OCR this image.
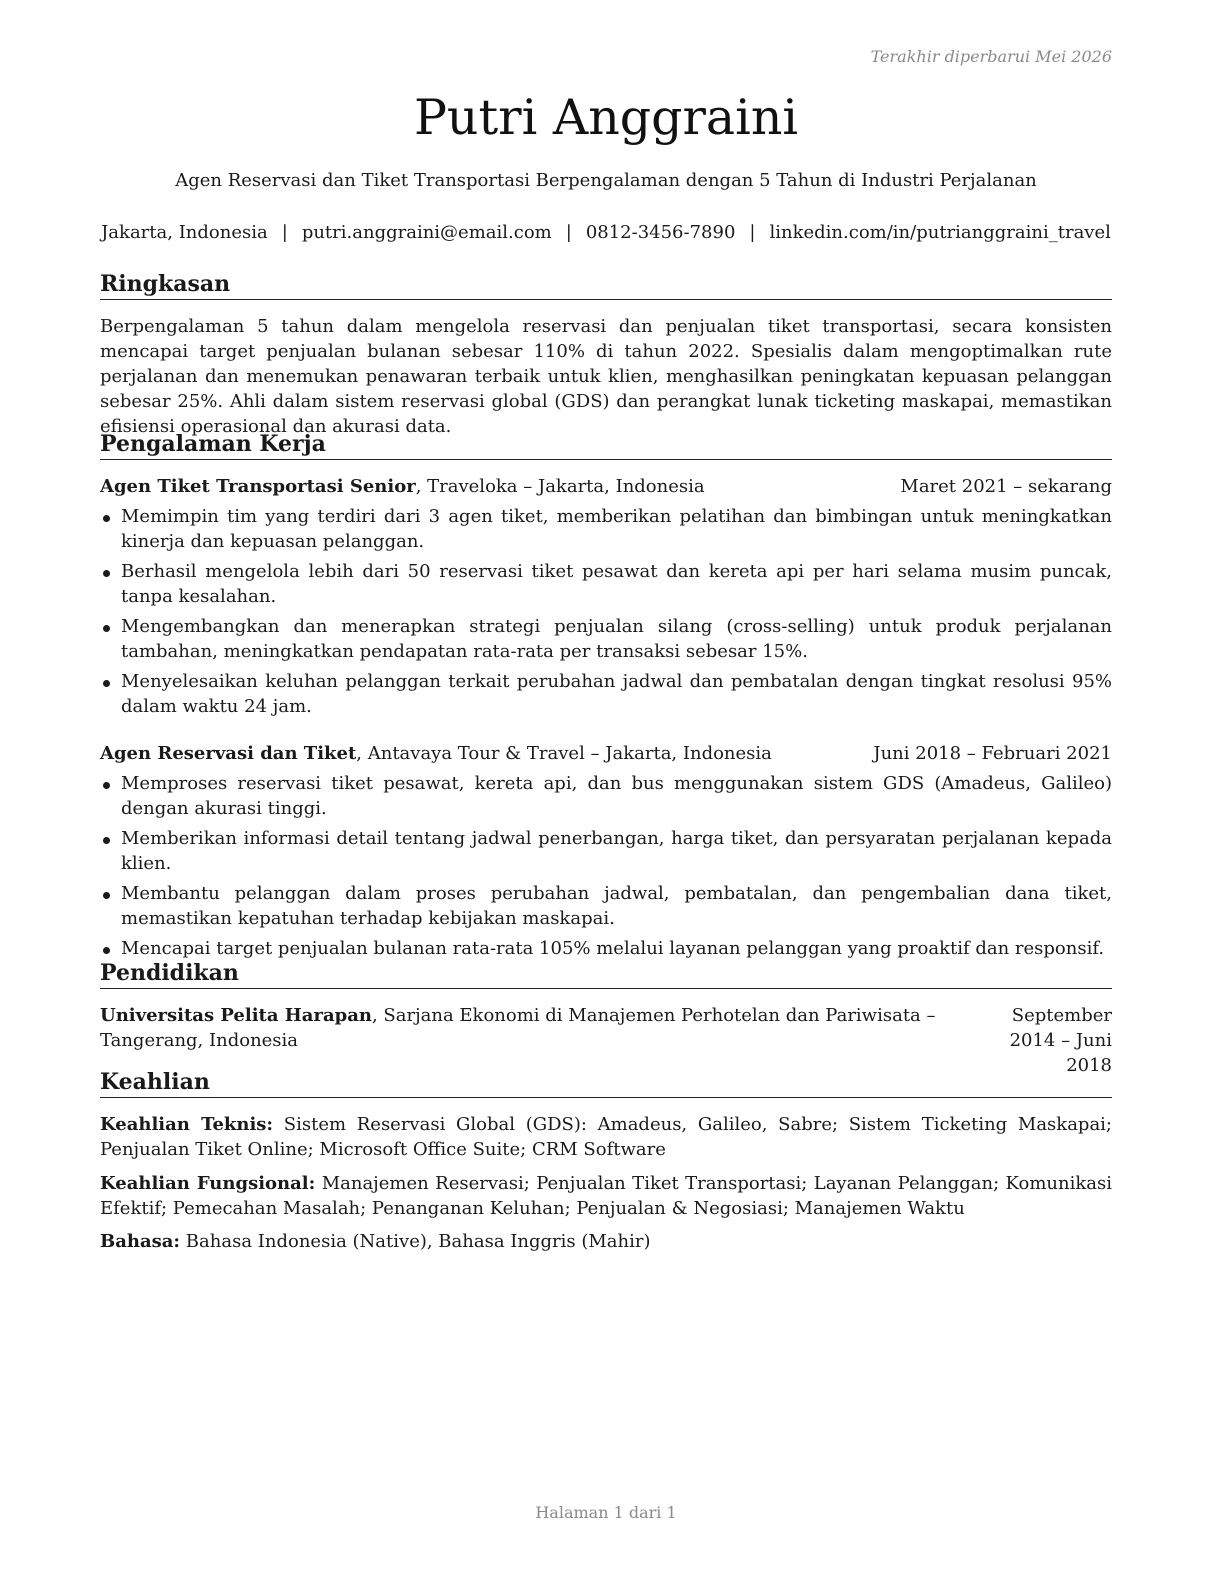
Terakhir diperbarui Mei 2026
Putri Anggraini
Agen Reservasi dan Tiket Transportasi Berpengalaman dengan 5 Tahun di Industri Perjalanan
Jakarta, Indonesia | putri.anggraini@email.com | 0812-3456-7890 | linkedin.com/in/putrianggraini_travel
Ringkasan

Berpengalaman 5 tahun dalam mengelola reservasi dan penjualan tiket transportasi, secara konsisten mencapai target penjualan bulanan sebesar 110% di tahun 2022. Spesialis dalam mengoptimalkan rute perjalanan dan menemukan penawaran terbaik untuk klien, menghasilkan peningkatan kepuasan pelanggan sebesar 25%. Ahli dalam sistem reservasi global (GDS) dan perangkat lunak ticketing maskapai, memastikan efisiensi operasional dan akurasi data.

Pengalaman Kerja
Agen Tiket Transportasi Senior, Traveloka – Jakarta, Indonesia	Maret 2021 – sekarang
Memimpin tim yang terdiri dari 3 agen tiket, memberikan pelatihan dan bimbingan untuk meningkatkan kinerja dan kepuasan pelanggan.
Berhasil mengelola lebih dari 50 reservasi tiket pesawat dan kereta api per hari selama musim puncak, tanpa kesalahan.
Mengembangkan dan menerapkan strategi penjualan silang (cross-selling) untuk produk perjalanan tambahan, meningkatkan pendapatan rata-rata per transaksi sebesar 15%.
Menyelesaikan keluhan pelanggan terkait perubahan jadwal dan pembatalan dengan tingkat resolusi 95% dalam waktu 24 jam.
Agen Reservasi dan Tiket, Antavaya Tour & Travel – Jakarta, Indonesia	Juni 2018 – Februari 2021
Memproses reservasi tiket pesawat, kereta api, dan bus menggunakan sistem GDS (Amadeus, Galileo) dengan akurasi tinggi.
Memberikan informasi detail tentang jadwal penerbangan, harga tiket, dan persyaratan perjalanan kepada klien.
Membantu pelanggan dalam proses perubahan jadwal, pembatalan, dan pengembalian dana tiket, memastikan kepatuhan terhadap kebijakan maskapai.
Mencapai target penjualan bulanan rata-rata 105% melalui layanan pelanggan yang proaktif dan responsif.
Pendidikan
Universitas Pelita Harapan, Sarjana Ekonomi di Manajemen Perhotelan dan Pariwisata – Tangerang, Indonesia
September 2014 – Juni 2018
Keahlian

Keahlian Teknis: Sistem Reservasi Global (GDS): Amadeus, Galileo, Sabre; Sistem Ticketing Maskapai; Penjualan Tiket Online; Microsoft Office Suite; CRM Software

Keahlian Fungsional: Manajemen Reservasi; Penjualan Tiket Transportasi; Layanan Pelanggan; Komunikasi Efektif; Pemecahan Masalah; Penanganan Keluhan; Penjualan & Negosiasi; Manajemen Waktu

Bahasa: Bahasa Indonesia (Native), Bahasa Inggris (Mahir)

Halaman 1 dari 1
